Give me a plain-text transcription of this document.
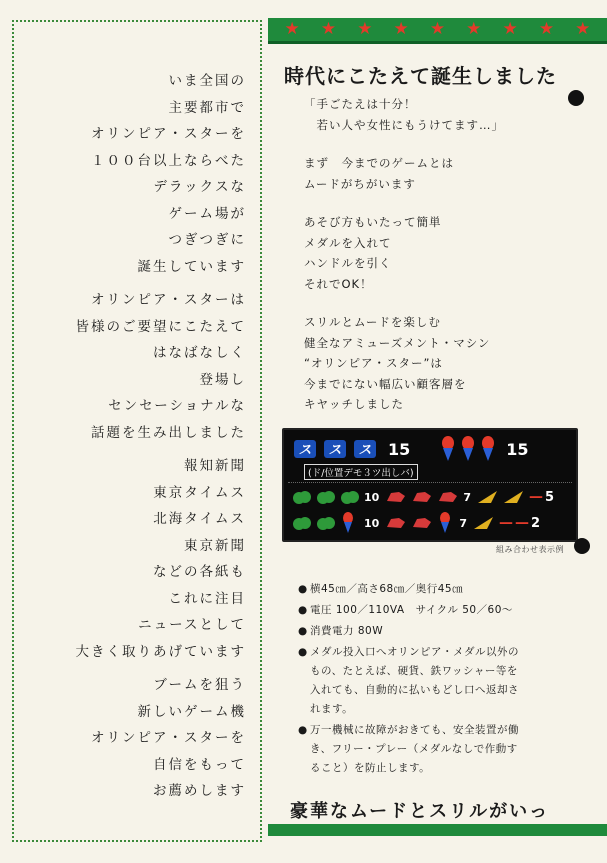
いま全国の
主要都市で
オリンピア・スターを
１００台以上ならべた
デラックスな
ゲーム場が
つぎつぎに
誕生しています
オリンピア・スターは
皆様のご要望にこたえて
はなばなしく
登場し
センセーショナルな
話題を生み出しました
報知新聞
東京タイムス
北海タイムス
東京新聞
などの各紙も
これに注目
ニュースとして
大きく取りあげています
ブームを狙う
新しいゲーム機
オリンピア・スターを
自信をもって
お薦めします
★ ★ ★ ★ ★ ★ ★ ★ ★
時代にこたえて誕生しました
「手ごたえは十分！
　若い人や女性にもうけてます…」
まず　今までのゲームとは
ムードがちがいます
あそび方もいたって簡単
メダルを入れて
ハンドルを引く
それでOK！
スリルとムードを楽しむ
健全なアミューズメント・マシン
“オリンピア・スター”は
今までにない幅広い顧客層を
キヤッチしました
ス ス ス 15	15
(ド/位置デモ３ツ出しバ)
10	7	— 5
10	7 — — 2
組み合わせ表示例
● 横45㎝／高さ68㎝／奥行45㎝
● 電圧 100／110VA　サイクル 50／60〜
● 消費電力 80W
● メダル投入口へオリンピア・メダル以外の
もの、たとえば、硬貨、鉄ワッシャー等を
入れても、自動的に払いもどし口へ返却さ
れます。
● 万一機械に故障がおきても、安全装置が働
き、フリー・プレー（メダルなしで作動す
ること）を防止します。
豪華なムードとスリルがいっ
